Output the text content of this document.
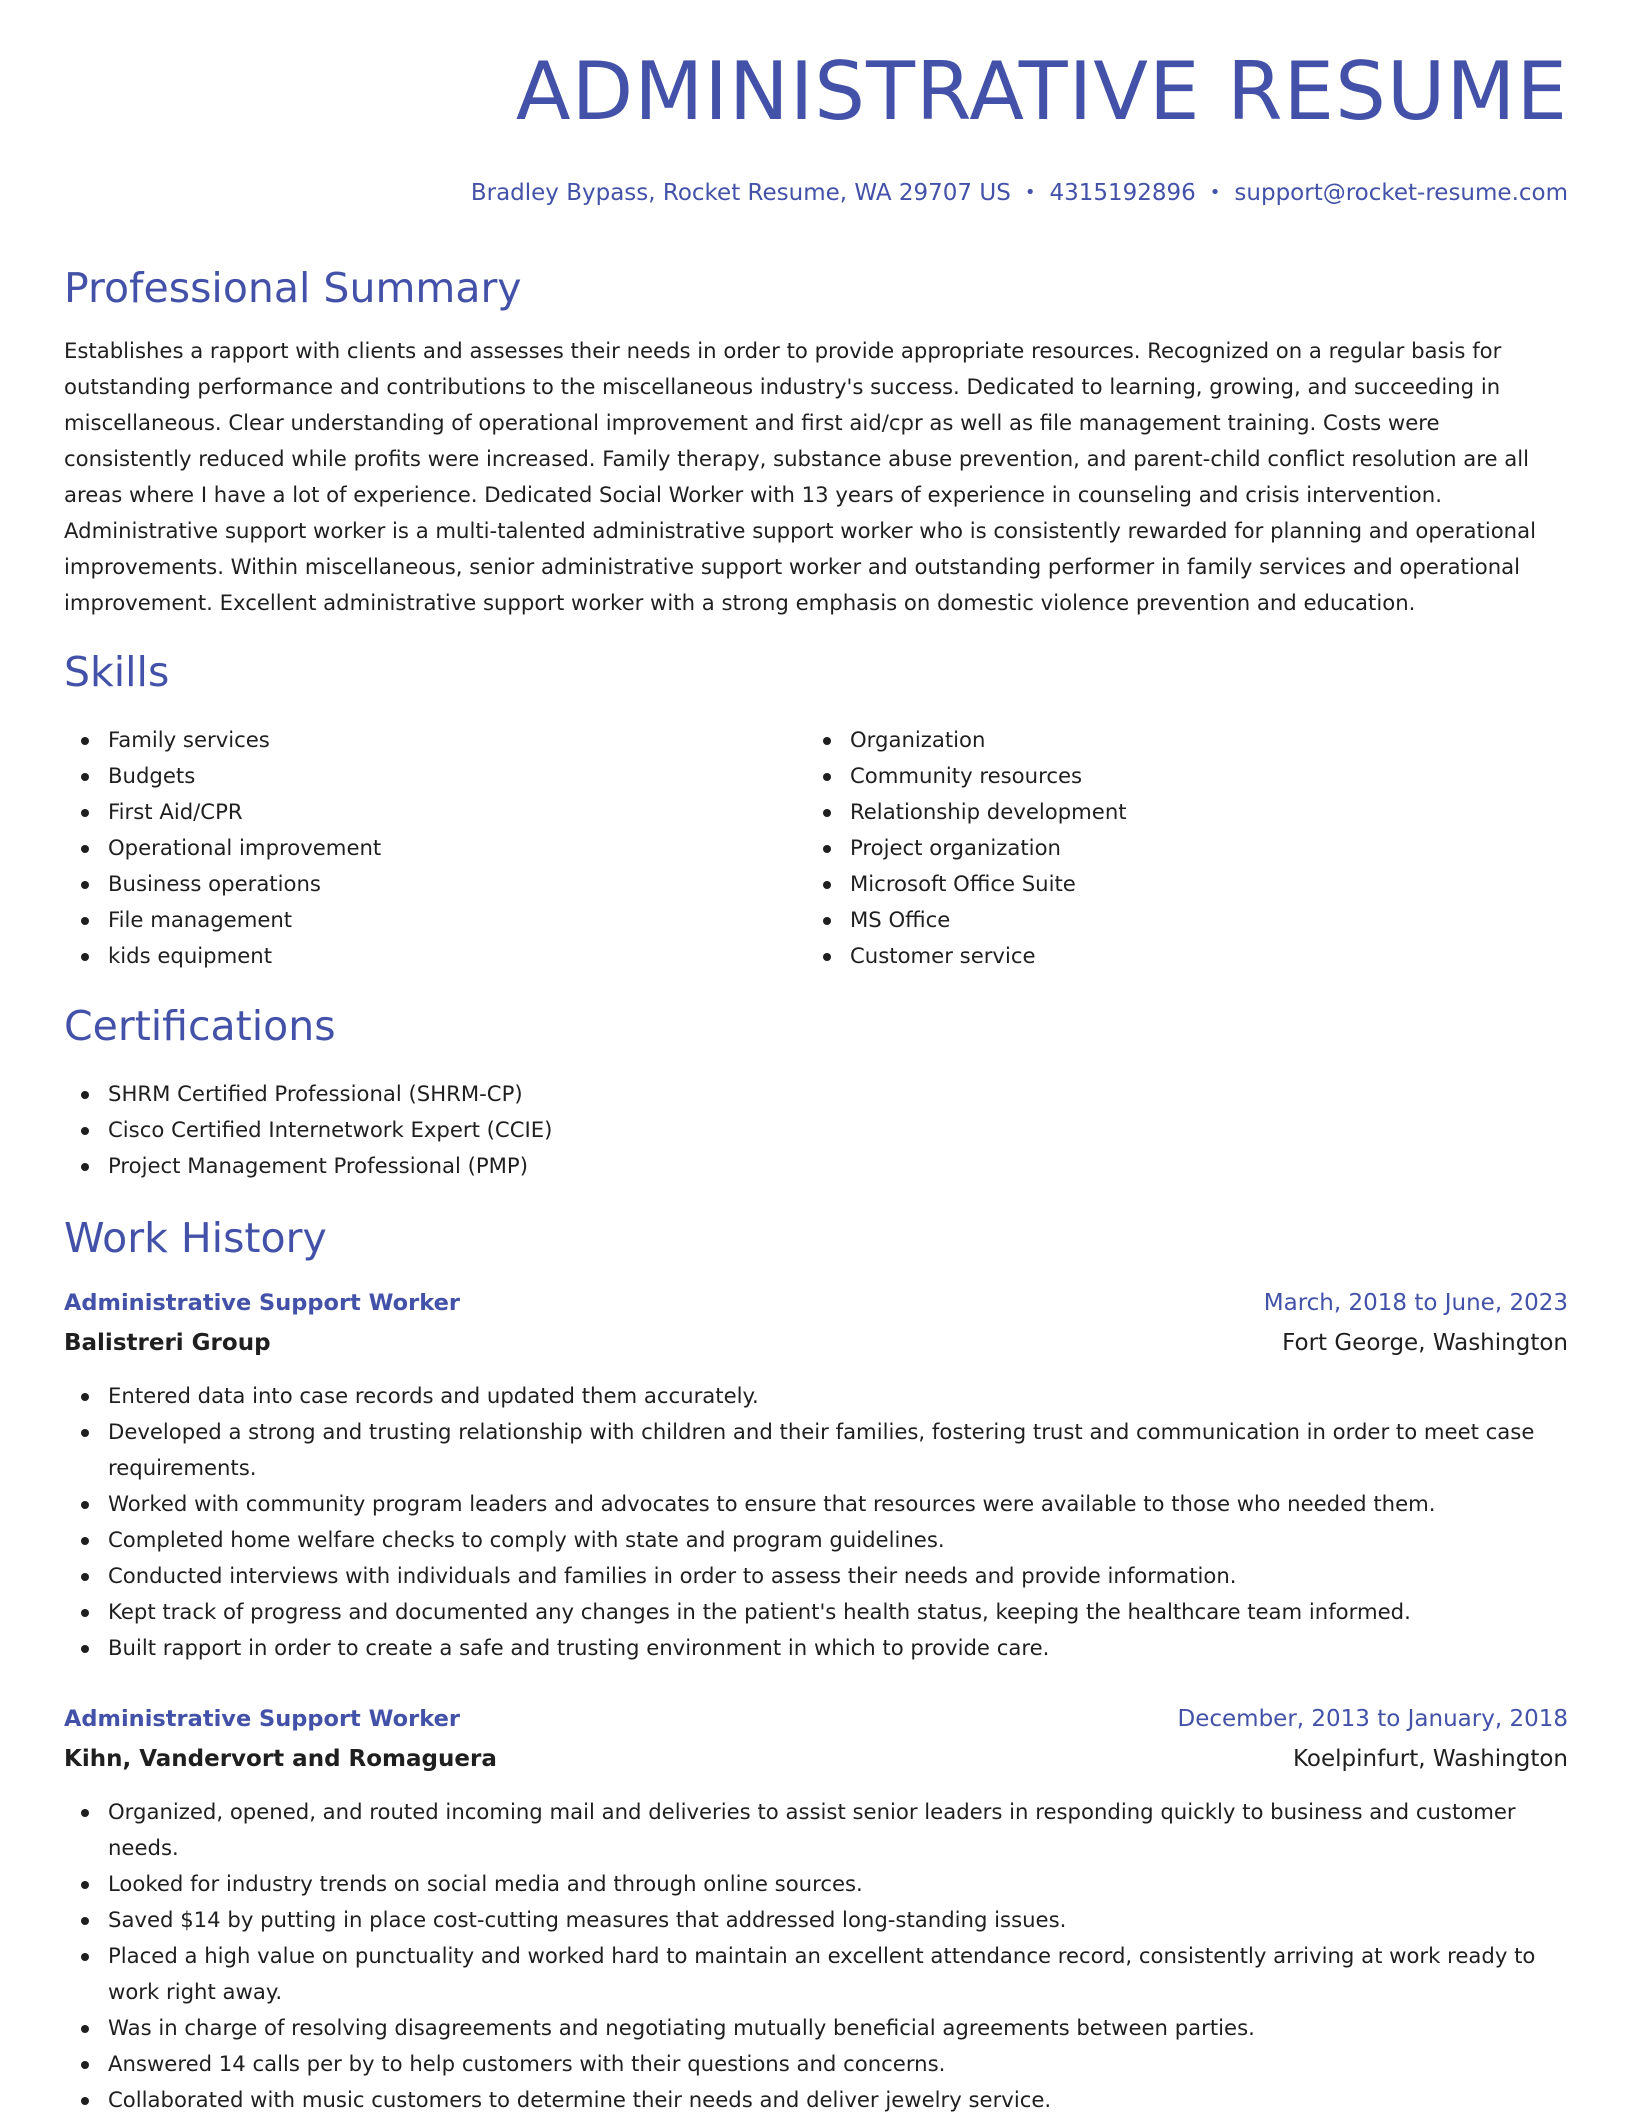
ADMINISTRATIVE RESUME
Bradley Bypass, Rocket Resume, WA 29707 US • 4315192896 • support@rocket-resume.com
Professional Summary

Establishes a rapport with clients and assesses their needs in order to provide appropriate resources. Recognized on a regular basis for outstanding performance and contributions to the miscellaneous industry's success. Dedicated to learning, growing, and succeeding in miscellaneous. Clear understanding of operational improvement and first aid/cpr as well as file management training. Costs were consistently reduced while profits were increased. Family therapy, substance abuse prevention, and parent-child conflict resolution are all areas where I have a lot of experience. Dedicated Social Worker with 13 years of experience in counseling and crisis intervention. Administrative support worker is a multi-talented administrative support worker who is consistently rewarded for planning and operational improvements. Within miscellaneous, senior administrative support worker and outstanding performer in family services and operational improvement. Excellent administrative support worker with a strong emphasis on domestic violence prevention and education.

Skills
Family services
Budgets
First Aid/CPR
Operational improvement
Business operations
File management
kids equipment
Organization
Community resources
Relationship development
Project organization
Microsoft Office Suite
MS Office
Customer service
Certifications
SHRM Certified Professional (SHRM-CP)
Cisco Certified Internetwork Expert (CCIE)
Project Management Professional (PMP)
Work History
Administrative Support Worker	March, 2018 to June, 2023
Balistreri Group	Fort George, Washington
Entered data into case records and updated them accurately.
Developed a strong and trusting relationship with children and their families, fostering trust and communication in order to meet case requirements.
Worked with community program leaders and advocates to ensure that resources were available to those who needed them.
Completed home welfare checks to comply with state and program guidelines.
Conducted interviews with individuals and families in order to assess their needs and provide information.
Kept track of progress and documented any changes in the patient's health status, keeping the healthcare team informed.
Built rapport in order to create a safe and trusting environment in which to provide care.
Administrative Support Worker	December, 2013 to January, 2018
Kihn, Vandervort and Romaguera	Koelpinfurt, Washington
Organized, opened, and routed incoming mail and deliveries to assist senior leaders in responding quickly to business and customer needs.
Looked for industry trends on social media and through online sources.
Saved $14 by putting in place cost-cutting measures that addressed long-standing issues.
Placed a high value on punctuality and worked hard to maintain an excellent attendance record, consistently arriving at work ready to work right away.
Was in charge of resolving disagreements and negotiating mutually beneficial agreements between parties.
Answered 14 calls per by to help customers with their questions and concerns.
Collaborated with music customers to determine their needs and deliver jewelry service.
